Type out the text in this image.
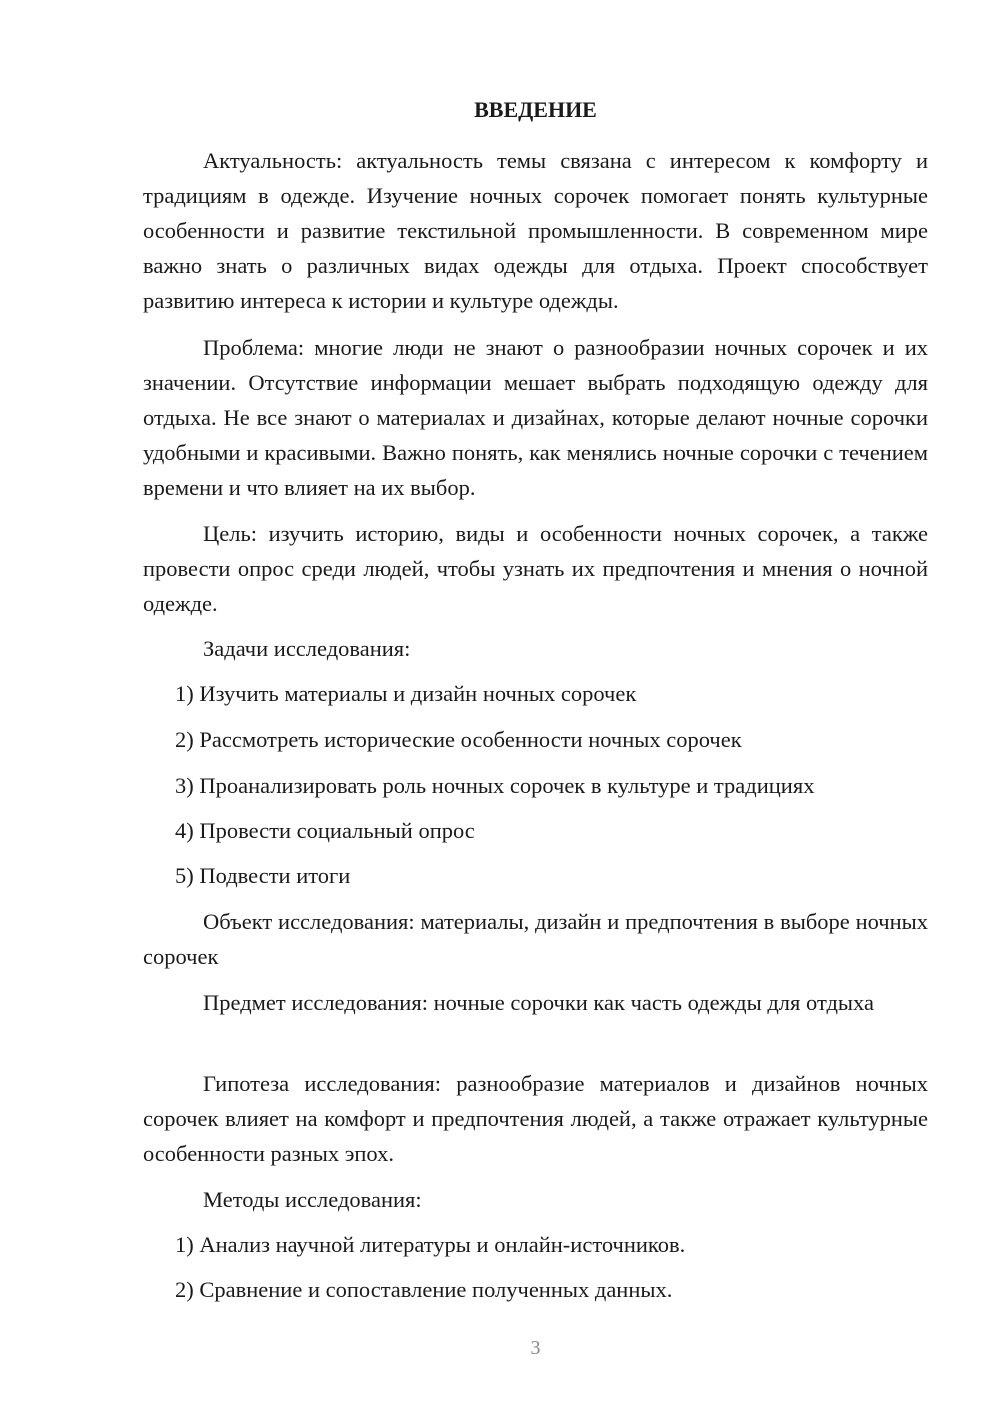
ВВЕДЕНИЕ

Актуальность: актуальность темы связана с интересом к комфорту и традициям в одежде. Изучение ночных сорочек помогает понять культурные особенности и развитие текстильной промышленности. В современном мире важно знать о различных видах одежды для отдыха. Проект способствует развитию интереса к истории и культуре одежды.

Проблема: многие люди не знают о разнообразии ночных сорочек и их значении. Отсутствие информации мешает выбрать подходящую одежду для отдыха. Не все знают о материалах и дизайнах, которые делают ночные сорочки удобными и красивыми. Важно понять, как менялись ночные сорочки с течением времени и что влияет на их выбор.

Цель: изучить историю, виды и особенности ночных сорочек, а также провести опрос среди людей, чтобы узнать их предпочтения и мнения о ночной одежде.

Задачи исследования:

1) Изучить материалы и дизайн ночных сорочек

2) Рассмотреть исторические особенности ночных сорочек

3) Проанализировать роль ночных сорочек в культуре и традициях

4) Провести социальный опрос

5) Подвести итоги

Объект исследования: материалы, дизайн и предпочтения в выборе ночных сорочек

Предмет исследования: ночные сорочки как часть одежды для отдыха

Гипотеза исследования: разнообразие материалов и дизайнов ночных сорочек влияет на комфорт и предпочтения людей, а также отражает культурные особенности разных эпох.

Методы исследования:

1) Анализ научной литературы и онлайн-источников.

2) Сравнение и сопоставление полученных данных.

3
